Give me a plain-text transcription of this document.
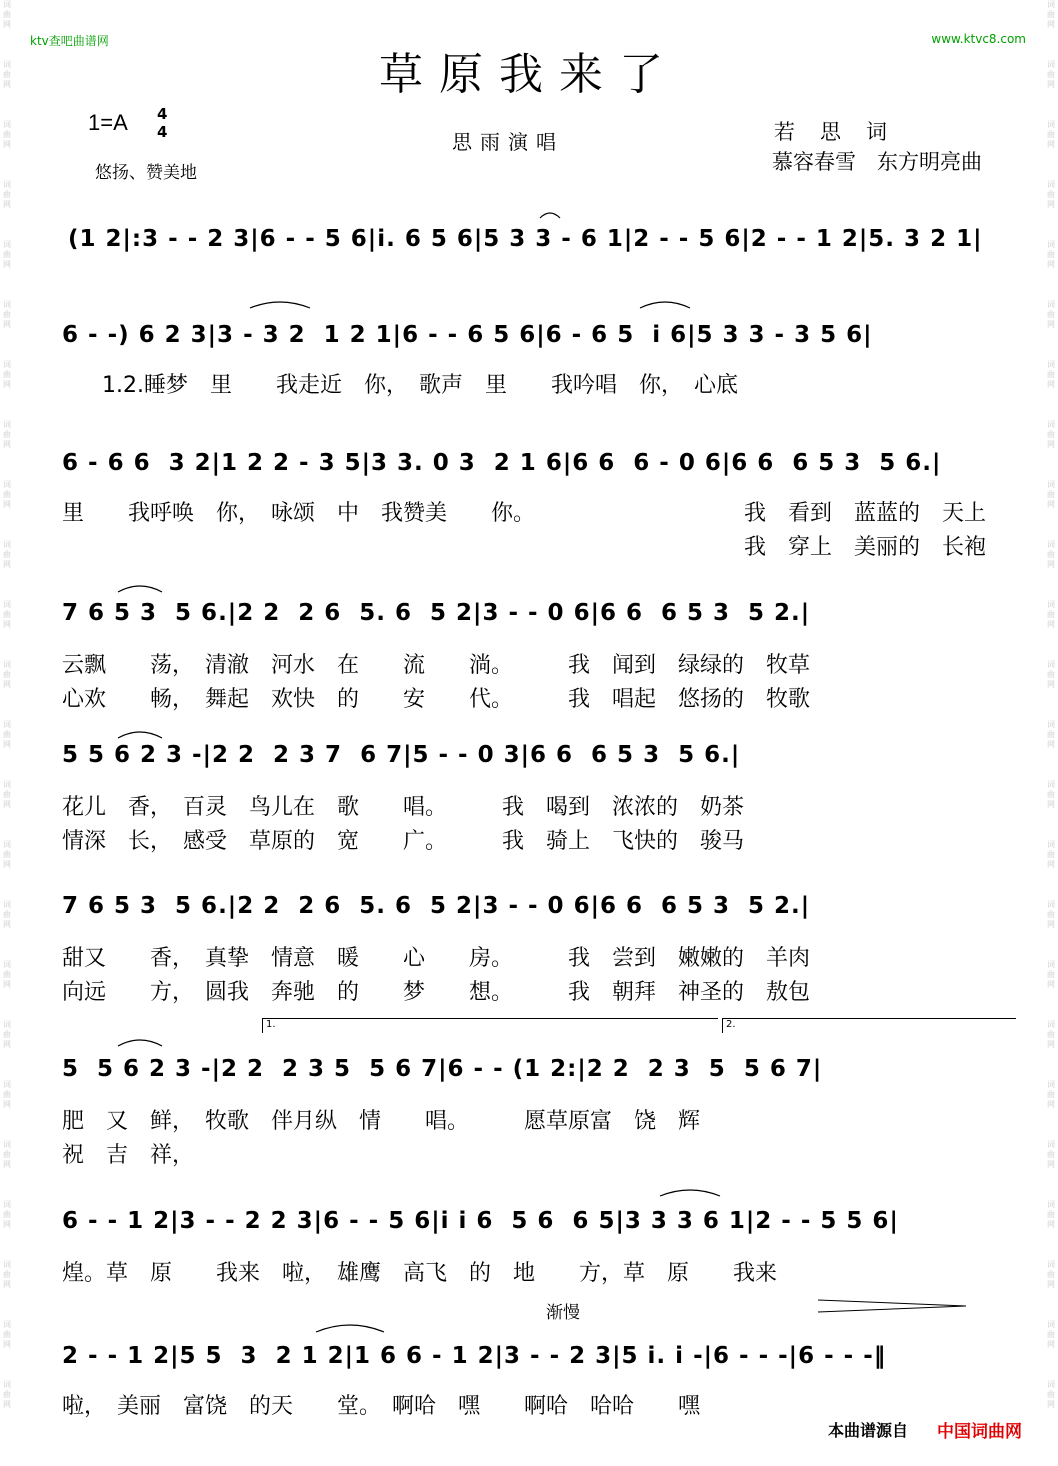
词曲网
词曲网
词曲网
词曲网
词曲网
词曲网
词曲网
词曲网
词曲网
词曲网
词曲网
词曲网
词曲网
词曲网
词曲网
词曲网
词曲网
词曲网
词曲网
词曲网
词曲网
词曲网
词曲网
词曲网
词曲网
词曲网
词曲网
词曲网
词曲网
词曲网
词曲网
词曲网
词曲网
词曲网
词曲网
词曲网
词曲网
词曲网
词曲网
词曲网
词曲网
词曲网
词曲网
词曲网
词曲网
词曲网
词曲网
词曲网
ktv查吧曲谱网	www.ktvc8.com
草原我来了
1=A 4
4
悠扬、赞美地
思雨演唱	若　思　词
慕容春雪　东方明亮曲
(1 2|:3 - - 2 3|6 - - 5 6|i. 6 5 6|5 3 3 - 6 1|2 - - 5 6|2 - - 1 2|5. 3 2 1|
6 - -) 6 2 3|3 - 3 2  1 2 1|6 - - 6 5 6|6 - 6 5  i 6|5 3 3 - 3 5 6|
1.2.睡梦　里　　我走近　你，　歌声　里　　我吟唱　你，　心底
6 - 6 6  3 2|1 2 2 - 3 5|3 3. 0 3  2 1 6|6 6  6 - 0 6|6 6  6 5 3  5 6.|
里　　我呼唤　你，　咏颂　中　我赞美　　你。	我　看到　蓝蓝的　天上
我　穿上　美丽的　长袍
7 6 5 3  5 6.|2 2  2 6  5. 6  5 2|3 - - 0 6|6 6  6 5 3  5 2.|
云飘　　荡，　清澈　河水　在　　流　　淌。　　　我　闻到　绿绿的　牧草
心欢　　畅，　舞起　欢快　的　　安　　代。　　　我　唱起　悠扬的　牧歌
5 5 6 2 3 -|2 2  2 3 7  6 7|5 - - 0 3|6 6  6 5 3  5 6.|
花儿　香，　百灵　鸟儿在　歌　　唱。　　　我　喝到　浓浓的　奶茶
情深　长，　感受　草原的　宽　　广。　　　我　骑上　飞快的　骏马
7 6 5 3  5 6.|2 2  2 6  5. 6  5 2|3 - - 0 6|6 6  6 5 3  5 2.|
甜又　　香，　真挚　情意　暖　　心　　房。　　　我　尝到　嫩嫩的　羊肉
向远　　方，　圆我　奔驰　的　　梦　　想。　　　我　朝拜　神圣的　敖包
1.	2.
5  5 6 2 3 -|2 2  2 3 5  5 6 7|6 - - (1 2:|2 2  2 3  5  5 6 7|
肥　又　鲜，　牧歌　伴月纵　情　　唱。　　　愿草原富　饶　辉
祝　吉　祥，
6 - - 1 2|3 - - 2 2 3|6 - - 5 6|i i 6  5 6  6 5|3 3 3 6 1|2 - - 5 5 6|
煌。草　原　　我来　啦，　雄鹰　高飞　的　地　　方，草　原　　我来
渐慢
2 - - 1 2|5 5  3  2 1 2|1 6 6 - 1 2|3 - - 2 3|5 i. i -|6 - - -|6 - - -‖
啦，　美丽　富饶　的天　　堂。　啊哈　嘿　　啊哈　哈哈　　嘿
本曲谱源自 中国词曲网
